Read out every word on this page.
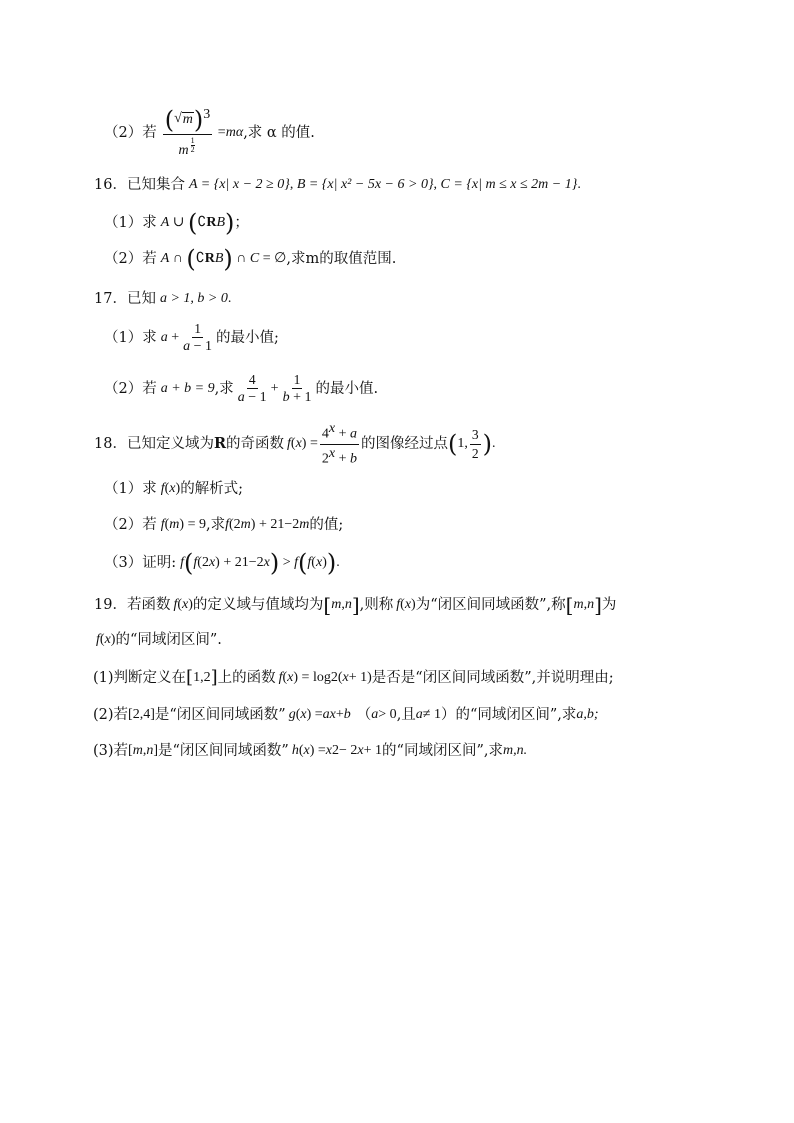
（2）若 ( √ m ) 3
m $^{\frac{1}{2}}$ = m α ,求 α 的值.
16．已知集合 A = {x| x − 2 ≥ 0} , B = {x| x² − 5x − 6 > 0} , C = {x| m ≤ x ≤ 2m − 1} .
（1）求 A ∪ ( ∁ R B ) ；
（2）若 A ∩ ( ∁ R B ) ∩ C = ∅ ,求m的取值范围.
17．已知 a > 1, b > 0 .
（1）求 $a + \frac{1}{a - 1}$ 的最小值;
（2）若 a + b = 9 ,求 $\frac{4}{a - 1} + \frac{1}{b + 1}$ 的最小值.
18．已知定义域为 R 的奇函数 f ( x ) = $\frac{4^x + a}{2^x + b}$ 的图像经过点 ( 1, $\frac{3}{2}$ ) .
（1）求 f ( x ) 的解析式;
（2）若 f ( m ) = 9 ,求 f (2 m ) + 2 1−2m 的值;
（3）证明: f ( f (2 x ) + 2 1−2x ) > f ( f ( x ) ) .
19．若函数 f ( x ) 的定义域与值域均为 [ m , n ] ,则称 f ( x ) 为“闭区间同域函数”,称 [ m , n ] 为
f ( x ) 的“同域闭区间”.
(1)判断定义在 [ 1,2 ] 上的函数 f ( x ) = log 2 ( x + 1) 是否是“闭区间同域函数”,并说明理由;
(2)若 [2,4] 是“闭区间同域函数” g ( x ) = a x + b （ a > 0 ,且 a ≠ 1 ）的“同域闭区间”,求 a,b;
(3)若 [ m , n ] 是“闭区间同域函数” h ( x ) = x 2 − 2 x + 1 的“同域闭区间”,求 m,n.
